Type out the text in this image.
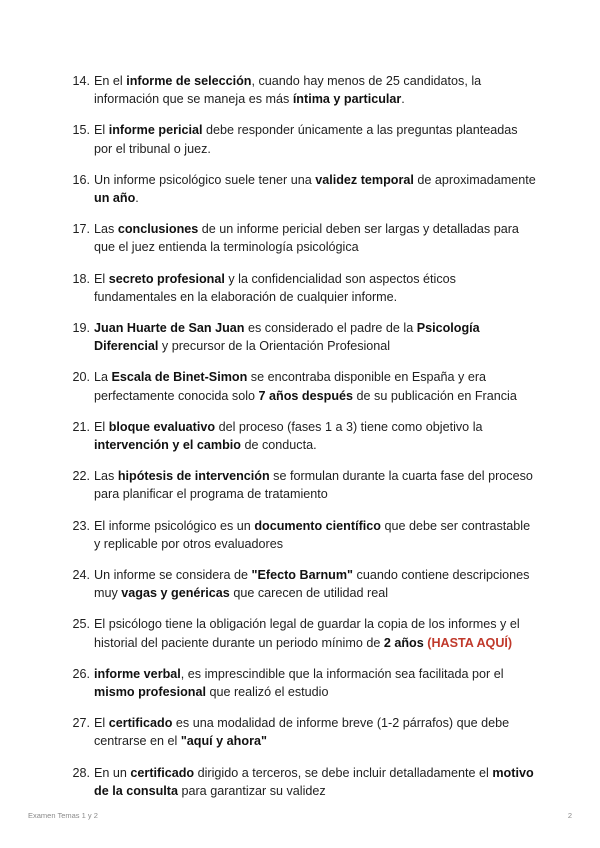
14. En el informe de selección, cuando hay menos de 25 candidatos, la información que se maneja es más íntima y particular.
15. El informe pericial debe responder únicamente a las preguntas planteadas por el tribunal o juez.
16. Un informe psicológico suele tener una validez temporal de aproximadamente un año.
17. Las conclusiones de un informe pericial deben ser largas y detalladas para que el juez entienda la terminología psicológica
18. El secreto profesional y la confidencialidad son aspectos éticos fundamentales en la elaboración de cualquier informe.
19. Juan Huarte de San Juan es considerado el padre de la Psicología Diferencial y precursor de la Orientación Profesional
20. La Escala de Binet-Simon se encontraba disponible en España y era perfectamente conocida solo 7 años después de su publicación en Francia
21. El bloque evaluativo del proceso (fases 1 a 3) tiene como objetivo la intervención y el cambio de conducta.
22. Las hipótesis de intervención se formulan durante la cuarta fase del proceso para planificar el programa de tratamiento
23. El informe psicológico es un documento científico que debe ser contrastable y replicable por otros evaluadores
24. Un informe se considera de "Efecto Barnum" cuando contiene descripciones muy vagas y genéricas que carecen de utilidad real
25. El psicólogo tiene la obligación legal de guardar la copia de los informes y el historial del paciente durante un periodo mínimo de 2 años (HASTA AQUÍ)
26. informe verbal, es imprescindible que la información sea facilitada por el mismo profesional que realizó el estudio
27. El certificado es una modalidad de informe breve (1-2 párrafos) que debe centrarse en el "aquí y ahora"
28. En un certificado dirigido a terceros, se debe incluir detalladamente el motivo de la consulta para garantizar su validez
Examen Temas 1 y 2	2
